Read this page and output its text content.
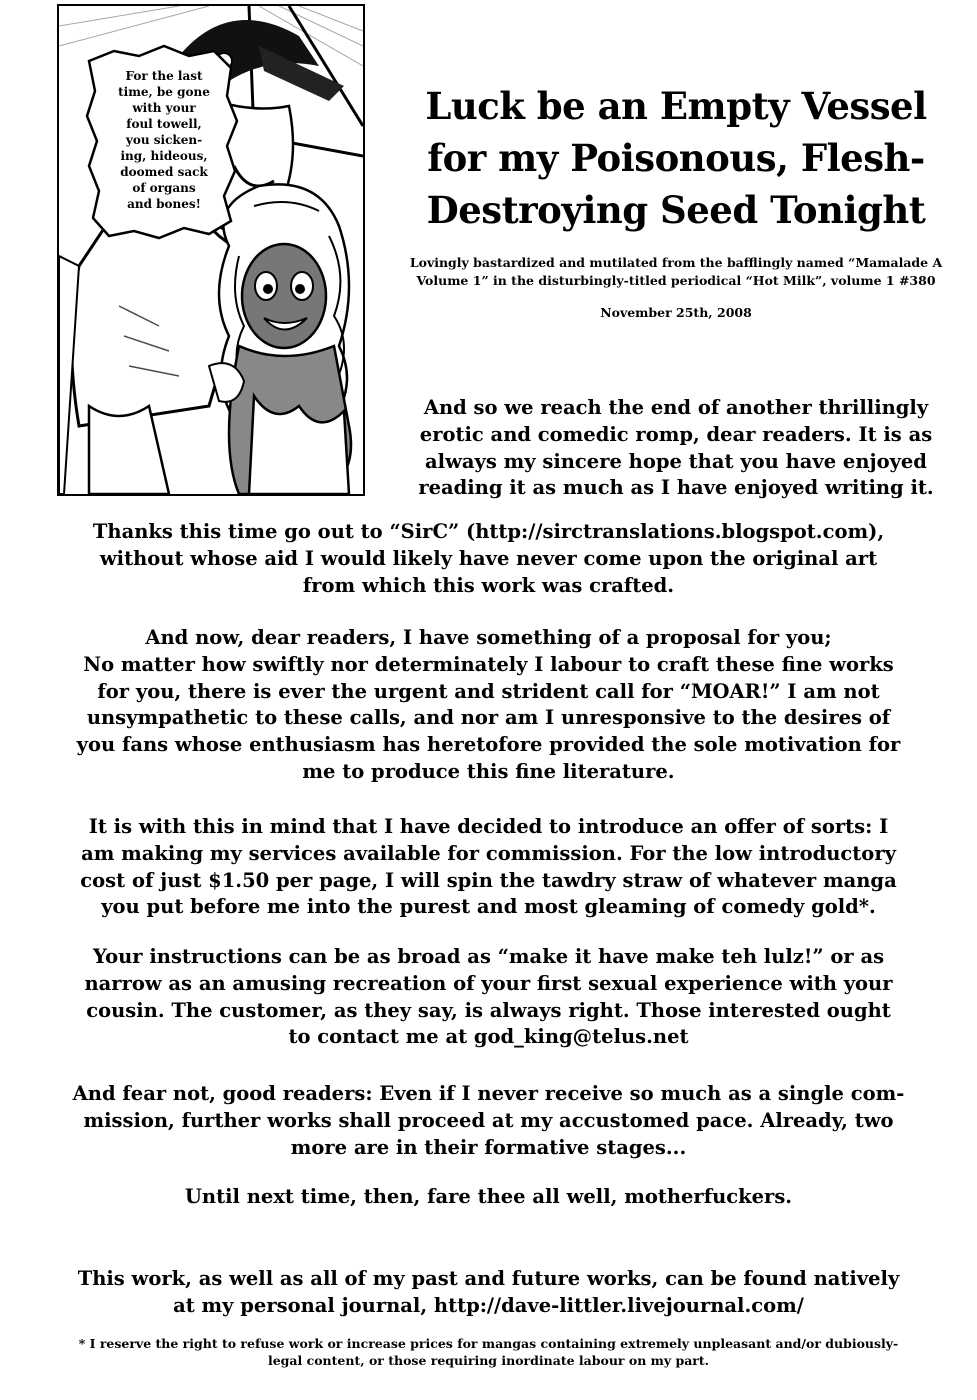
For the last
time, be gone
with your
foul towell,
you sicken-
ing, hideous,
doomed sack
of organs
and bones!
Luck be an Empty Vessel
for my Poisonous, Flesh-
Destroying Seed Tonight
Lovingly bastardized and mutilated from the bafflingly named “Mamalade A
Volume 1” in the disturbingly-titled periodical “Hot Milk”, volume 1 #380
November 25th, 2008
And so we reach the end of another thrillingly
erotic and comedic romp, dear readers. It is as
always my sincere hope that you have enjoyed
reading it as much as I have enjoyed writing it.
Thanks this time go out to “SirC” (http://sirctranslations.blogspot.com),
without whose aid I would likely have never come upon the original art
from which this work was crafted.
And now, dear readers, I have something of a proposal for you;
No matter how swiftly nor determinately I labour to craft these fine works
for you, there is ever the urgent and strident call for “MOAR!” I am not
unsympathetic to these calls, and nor am I unresponsive to the desires of
you fans whose enthusiasm has heretofore provided the sole motivation for
me to produce this fine literature.
It is with this in mind that I have decided to introduce an offer of sorts: I
am making my services available for commission. For the low introductory
cost of just $1.50 per page, I will spin the tawdry straw of whatever manga
you put before me into the purest and most gleaming of comedy gold*.
Your instructions can be as broad as “make it have make teh lulz!” or as
narrow as an amusing recreation of your first sexual experience with your
cousin. The customer, as they say, is always right. Those interested ought
to contact me at god_king@telus.net
And fear not, good readers: Even if I never receive so much as a single com-
mission, further works shall proceed at my accustomed pace. Already, two
more are in their formative stages...
Until next time, then, fare thee all well, motherfuckers.
This work, as well as all of my past and future works, can be found natively
at my personal journal, http://dave-littler.livejournal.com/
* I reserve the right to refuse work or increase prices for mangas containing extremely unpleasant and/or dubiously-
legal content, or those requiring inordinate labour on my part.
